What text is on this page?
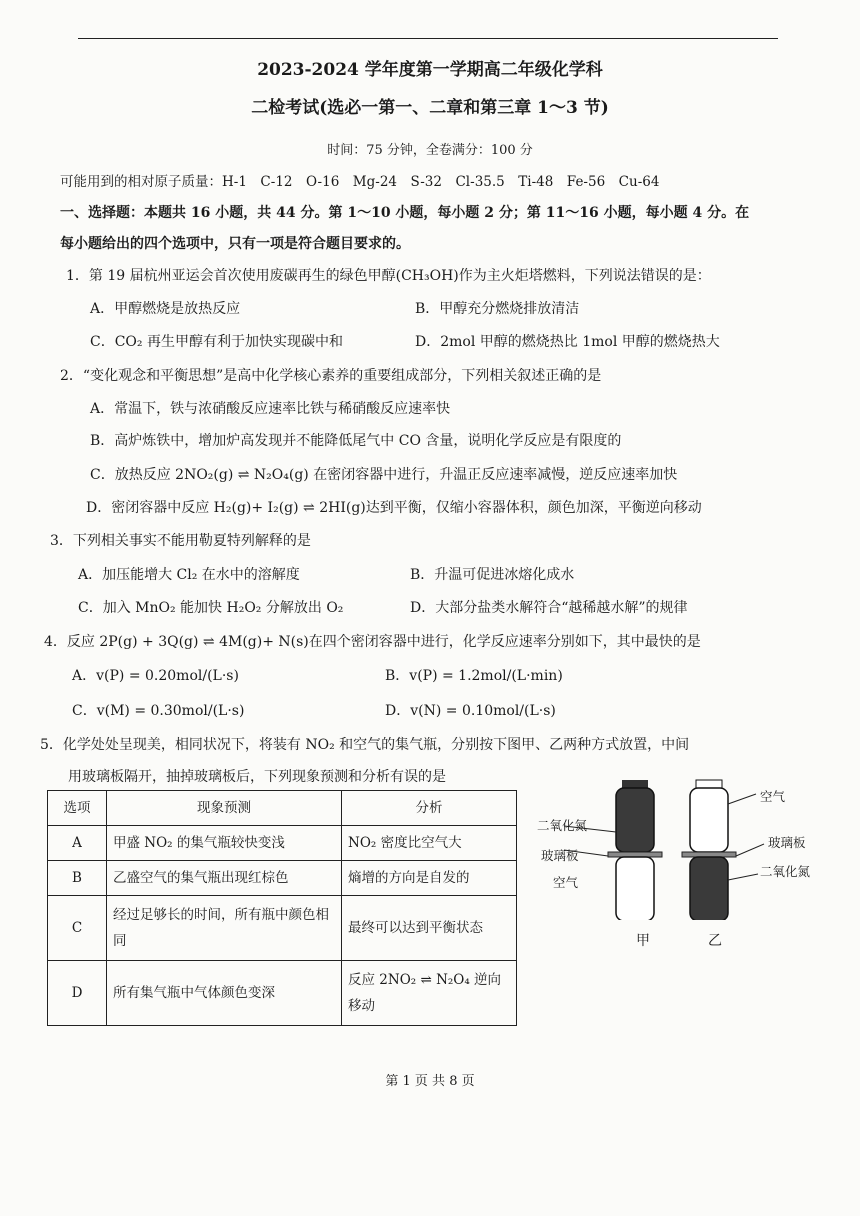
2023-2024 学年度第一学期高二年级化学科
二检考试(选必一第一、二章和第三章 1～3 节)
时间：75 分钟，全卷满分：100 分
可能用到的相对原子质量：H-1　C-12　O-16　Mg-24　S-32　Cl-35.5　Ti-48　Fe-56　Cu-64
一、选择题：本题共 16 小题，共 44 分。第 1～10 小题，每小题 2 分；第 11～16 小题，每小题 4 分。在
每小题给出的四个选项中，只有一项是符合题目要求的。
1．第 19 届杭州亚运会首次使用废碳再生的绿色甲醇(CH₃OH)作为主火炬塔燃料，下列说法错误的是：
A．甲醇燃烧是放热反应	B．甲醇充分燃烧排放清洁
C．CO₂ 再生甲醇有利于加快实现碳中和	D．2mol 甲醇的燃烧热比 1mol 甲醇的燃烧热大
2．“变化观念和平衡思想”是高中化学核心素养的重要组成部分，下列相关叙述正确的是
A．常温下，铁与浓硝酸反应速率比铁与稀硝酸反应速率快
B．高炉炼铁中，增加炉高发现并不能降低尾气中 CO 含量，说明化学反应是有限度的
C．放热反应 2NO₂(g) ⇌ N₂O₄(g) 在密闭容器中进行，升温正反应速率减慢，逆反应速率加快
D．密闭容器中反应 H₂(g)+ I₂(g) ⇌ 2HI(g)达到平衡，仅缩小容器体积，颜色加深，平衡逆向移动
3．下列相关事实不能用勒夏特列解释的是
A．加压能增大 Cl₂ 在水中的溶解度	B．升温可促进冰熔化成水
C．加入 MnO₂ 能加快 H₂O₂ 分解放出 O₂	D．大部分盐类水解符合“越稀越水解”的规律
4．反应 2P(g) + 3Q(g) ⇌ 4M(g)+ N(s)在四个密闭容器中进行，化学反应速率分别如下，其中最快的是
A．v(P) = 0.20mol/(L·s)	B．v(P) = 1.2mol/(L·min)
C．v(M) = 0.30mol/(L·s)	D．v(N) = 0.10mol/(L·s)
5．化学处处呈现美，相同状况下，将装有 NO₂ 和空气的集气瓶，分别按下图甲、乙两种方式放置，中间
用玻璃板隔开，抽掉玻璃板后，下列现象预测和分析有误的是
选项	现象预测	分析
A	甲盛 NO₂ 的集气瓶较快变浅	NO₂ 密度比空气大
B	乙盛空气的集气瓶出现红棕色	熵增的方向是自发的
C	经过足够长的时间，所有瓶中颜色相同	最终可以达到平衡状态
D	所有集气瓶中气体颜色变深	反应 2NO₂ ⇌ N₂O₄ 逆向移动
二氧化氮
玻璃板
空气
空气
玻璃板
二氧化氮
甲	乙
第 1 页 共 8 页
